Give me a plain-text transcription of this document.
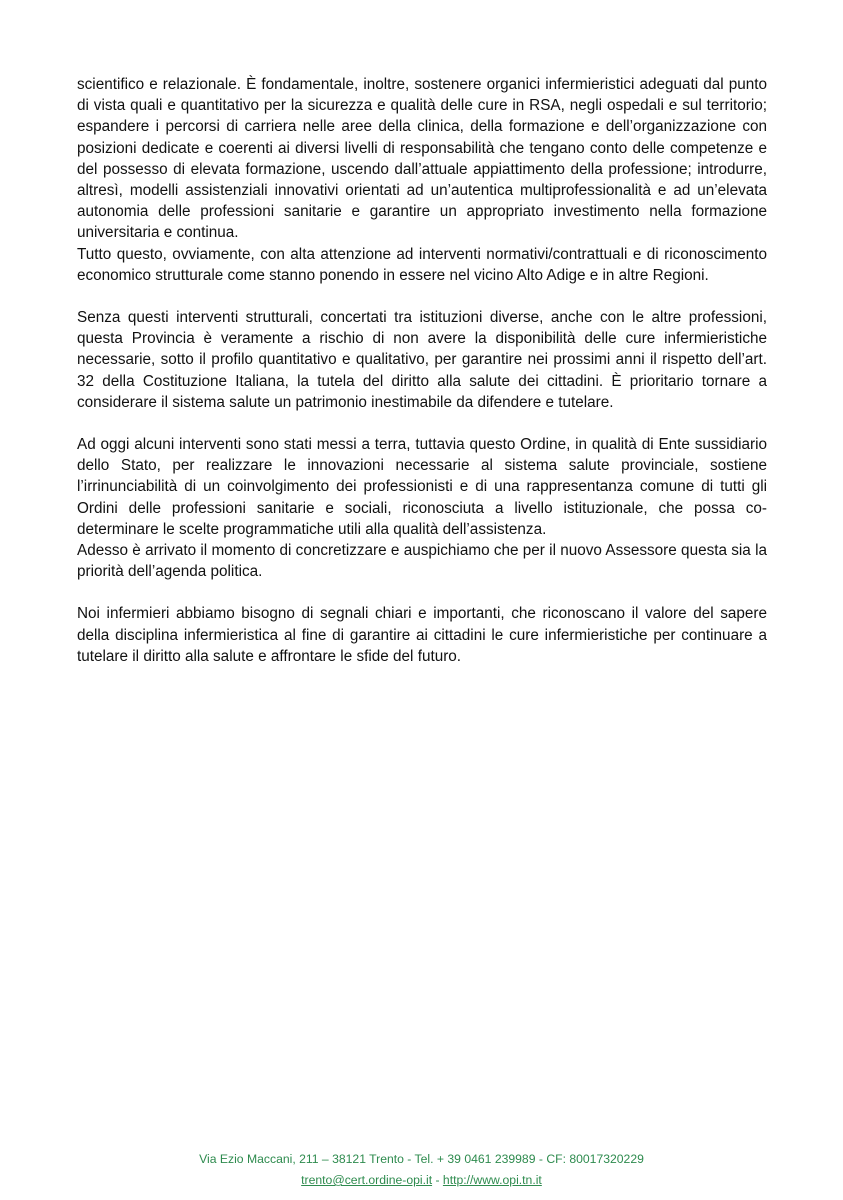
scientifico e relazionale. È fondamentale, inoltre, sostenere organici infermieristici adeguati dal punto di vista quali e quantitativo per la sicurezza e qualità delle cure in RSA, negli ospedali e sul territorio; espandere i percorsi di carriera nelle aree della clinica, della formazione e dell’organizzazione con posizioni dedicate e coerenti ai diversi livelli di responsabilità che tengano conto delle competenze e del possesso di elevata formazione, uscendo dall’attuale appiattimento della professione; introdurre, altresì, modelli assistenziali innovativi orientati ad un’autentica multiprofessionalità e ad un’elevata autonomia delle professioni sanitarie e garantire un appropriato investimento nella formazione universitaria e continua.

Tutto questo, ovviamente, con alta attenzione ad interventi normativi/contrattuali e di riconoscimento economico strutturale come stanno ponendo in essere nel vicino Alto Adige e in altre Regioni.

Senza questi interventi strutturali, concertati tra istituzioni diverse, anche con le altre professioni, questa Provincia è veramente a rischio di non avere la disponibilità delle cure infermieristiche necessarie, sotto il profilo quantitativo e qualitativo, per garantire nei prossimi anni il rispetto dell’art. 32 della Costituzione Italiana, la tutela del diritto alla salute dei cittadini. È prioritario tornare a considerare il sistema salute un patrimonio inestimabile da difendere e tutelare.

Ad oggi alcuni interventi sono stati messi a terra, tuttavia questo Ordine, in qualità di Ente sussidiario dello Stato, per realizzare le innovazioni necessarie al sistema salute provinciale, sostiene l’irrinunciabilità di un coinvolgimento dei professionisti e di una rappresentanza comune di tutti gli Ordini delle professioni sanitarie e sociali, riconosciuta a livello istituzionale, che possa co-determinare le scelte programmatiche utili alla qualità dell’assistenza.

Adesso è arrivato il momento di concretizzare e auspichiamo che per il nuovo Assessore questa sia la priorità dell’agenda politica.

Noi infermieri abbiamo bisogno di segnali chiari e importanti, che riconoscano il valore del sapere della disciplina infermieristica al fine di garantire ai cittadini le cure infermieristiche per continuare a tutelare il diritto alla salute e affrontare le sfide del futuro.

Via Ezio Maccani, 211 – 38121 Trento - Tel. + 39 0461 239989 - CF: 80017320229
trento@cert.ordine-opi.it - http://www.opi.tn.it
